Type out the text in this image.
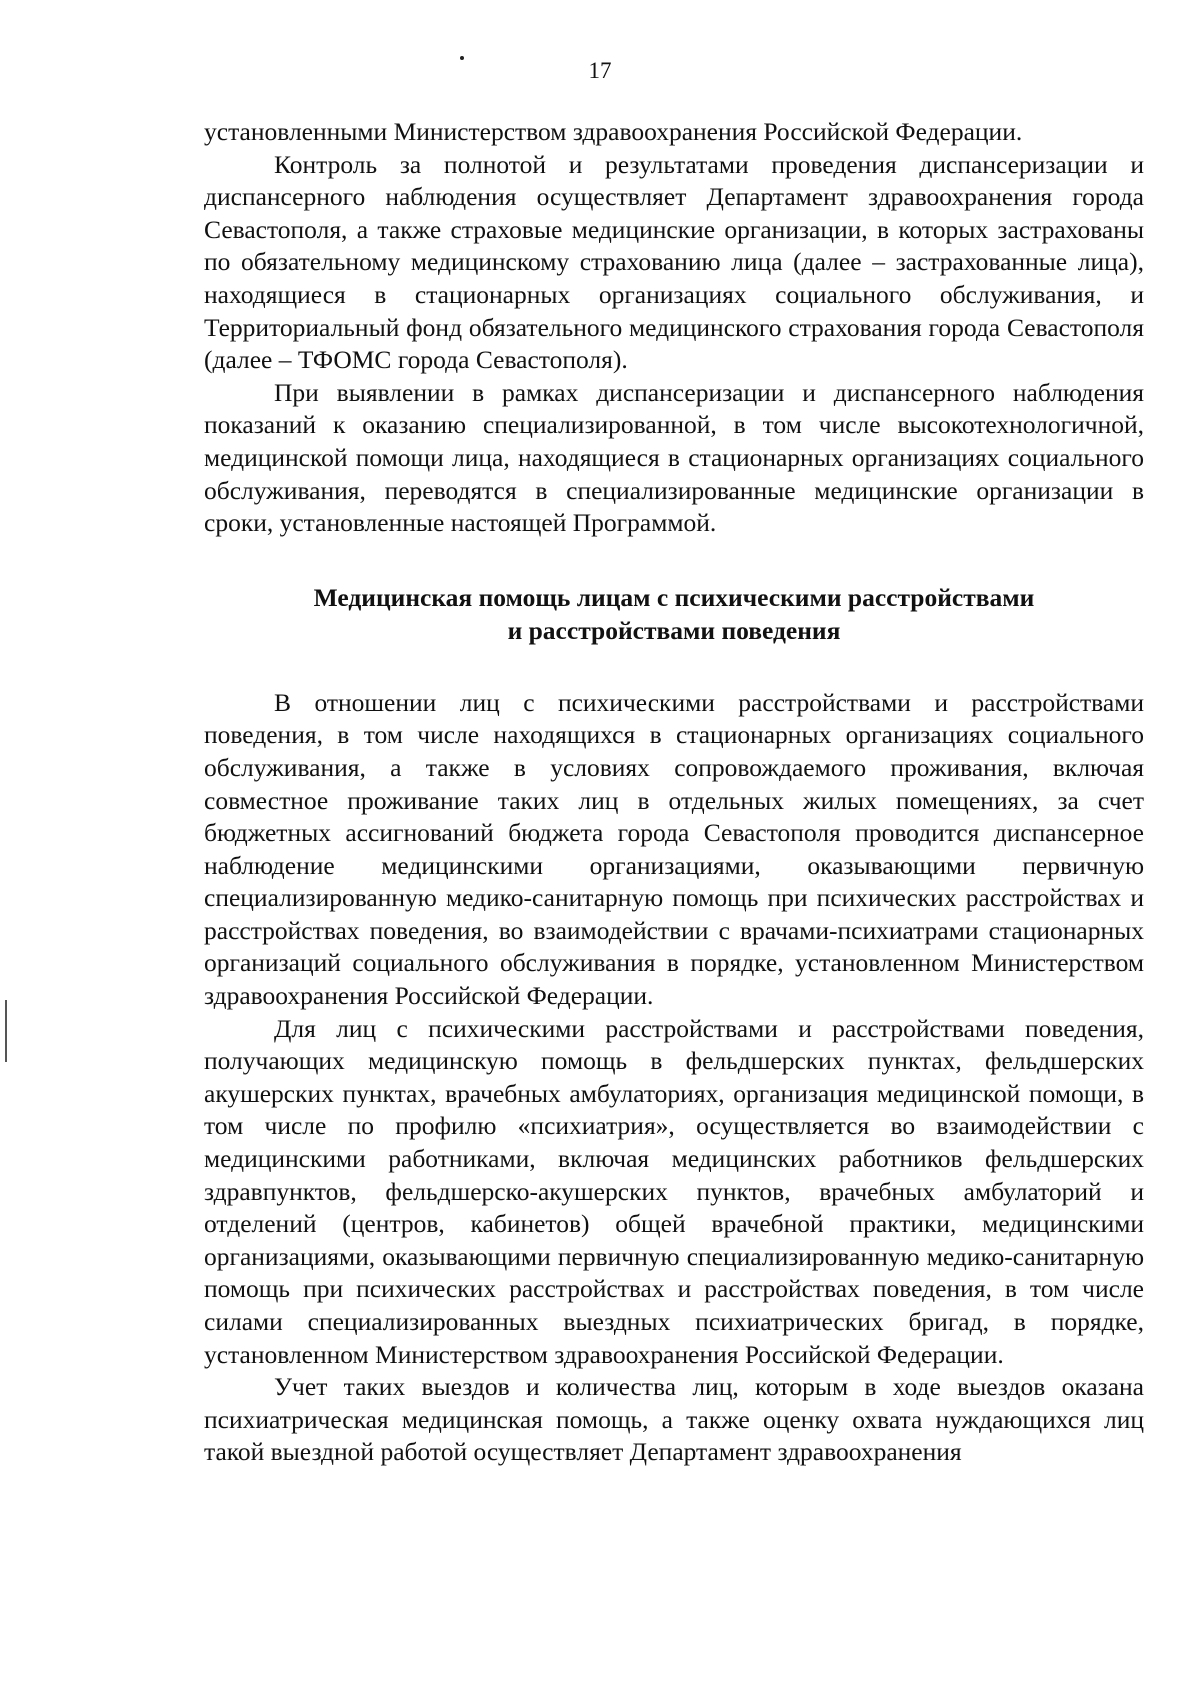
17

установленными Министерством здравоохранения Российской Федерации.

Контроль за полнотой и результатами проведения диспансеризации и диспансерного наблюдения осуществляет Департамент здравоохранения города Севастополя, а также страховые медицинские организации, в которых застрахованы по обязательному медицинскому страхованию лица (далее – застрахованные лица), находящиеся в стационарных организациях социального обслуживания, и Территориальный фонд обязательного медицинского страхования города Севастополя (далее – ТФОМС города Севастополя).

При выявлении в рамках диспансеризации и диспансерного наблюдения показаний к оказанию специализированной, в том числе высокотехнологичной, медицинской помощи лица, находящиеся в стационарных организациях социального обслуживания, переводятся в специализированные медицинские организации в сроки, установленные настоящей Программой.

Медицинская помощь лицам с психическими расстройствами
и расстройствами поведения

В отношении лиц с психическими расстройствами и расстройствами поведения, в том числе находящихся в стационарных организациях социального обслуживания, а также в условиях сопровождаемого проживания, включая совместное проживание таких лиц в отдельных жилых помещениях, за счет бюджетных ассигнований бюджета города Севастополя проводится диспансерное наблюдение медицинскими организациями, оказывающими первичную специализированную медико-санитарную помощь при психических расстройствах и расстройствах поведения, во взаимодействии с врачами-психиатрами стационарных организаций социального обслуживания в порядке, установленном Министерством здравоохранения Российской Федерации.

Для лиц с психическими расстройствами и расстройствами поведения, получающих медицинскую помощь в фельдшерских пунктах, фельдшерских акушерских пунктах, врачебных амбулаториях, организация медицинской помощи, в том числе по профилю «психиатрия», осуществляется во взаимодействии с медицинскими работниками, включая медицинских работников фельдшерских здравпунктов, фельдшерско-акушерских пунктов, врачебных амбулаторий и отделений (центров, кабинетов) общей врачебной практики, медицинскими организациями, оказывающими первичную специализированную медико-санитарную помощь при психических расстройствах и расстройствах поведения, в том числе силами специализированных выездных психиатрических бригад, в порядке, установленном Министерством здравоохранения Российской Федерации.

Учет таких выездов и количества лиц, которым в ходе выездов оказана психиатрическая медицинская помощь, а также оценку охвата нуждающихся лиц такой выездной работой осуществляет Департамент здравоохранения
